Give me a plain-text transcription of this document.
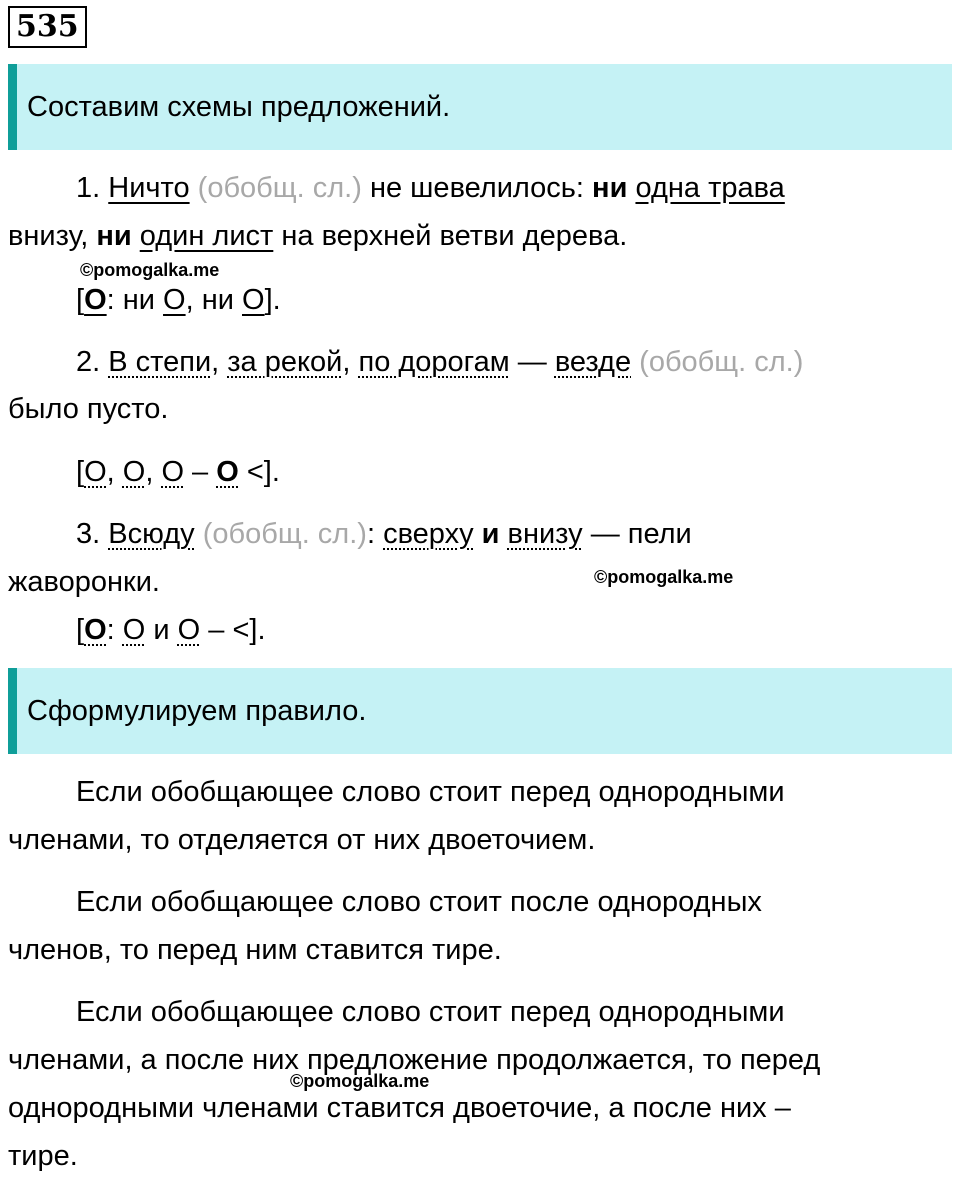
535
Составим схемы предложений.
1. Ничто (обобщ. сл.) не шевелилось: ни одна трава
внизу, ни один лист на верхней ветви дерева.
©pomogalka.me
[О: ни О, ни О].
2. В степи, за рекой, по дорогам — везде (обобщ. сл.)
было пусто.
[О, О, О – О <].
3. Всюду (обобщ. сл.): сверху и внизу — пели
жаворонки.	©pomogalka.me
[О: О и О – <].
Сформулируем правило.
Если обобщающее слово стоит перед однородными
членами, то отделяется от них двоеточием.
Если обобщающее слово стоит после однородных
членов, то перед ним ставится тире.
Если обобщающее слово стоит перед однородными
членами, а после них предложение продолжается, то перед
©pomogalka.me
однородными членами ставится двоеточие, а после них –
тире.
